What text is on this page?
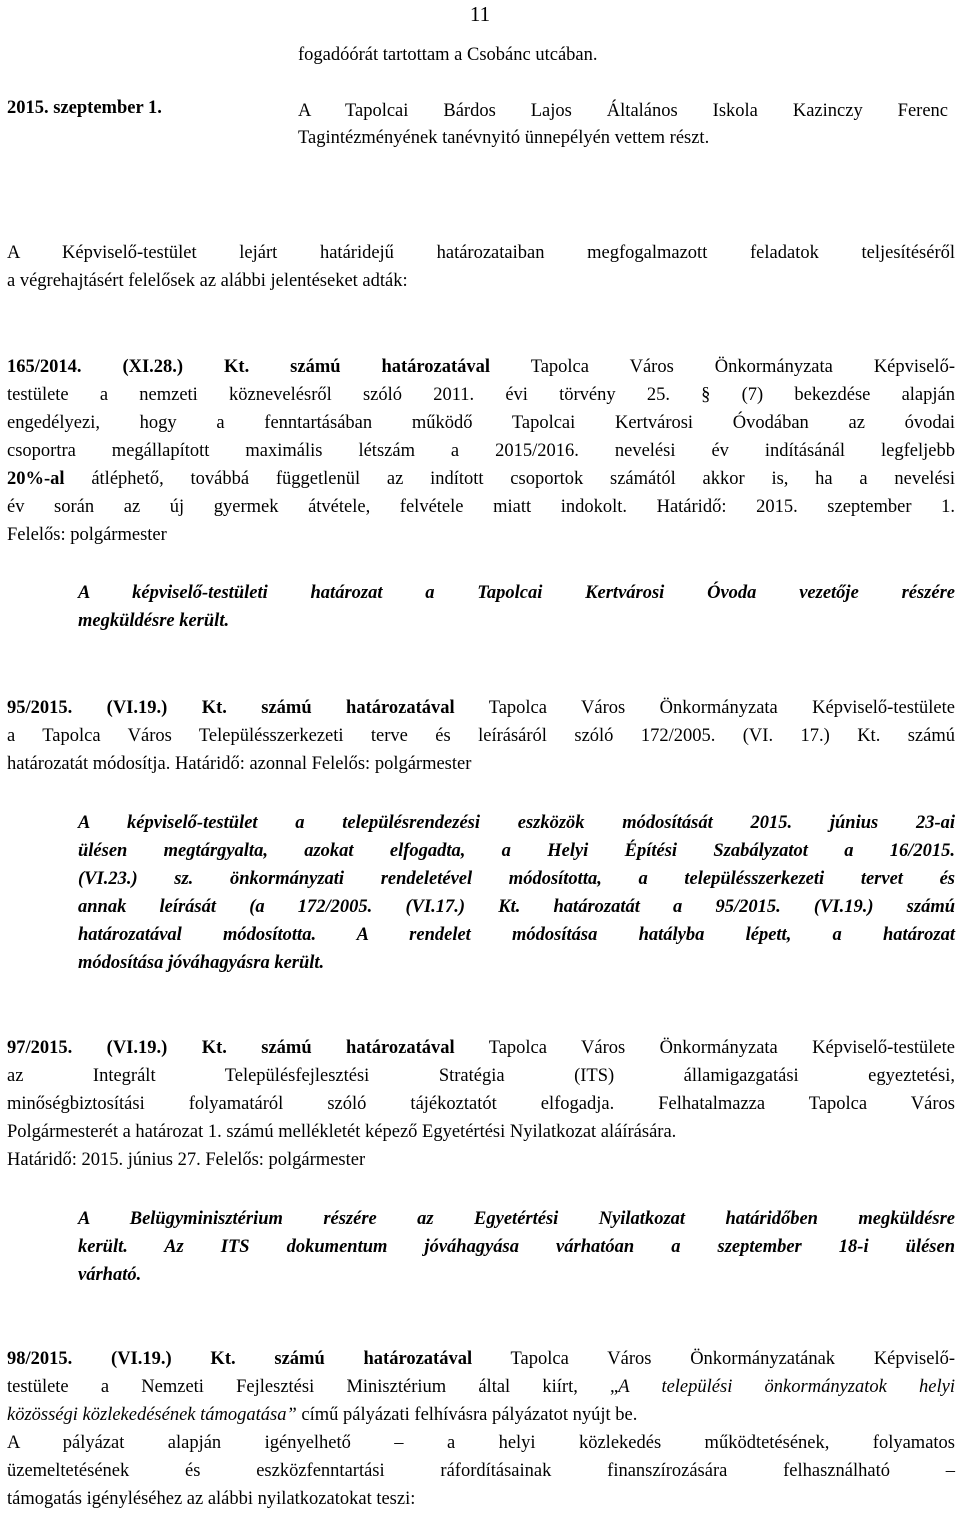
11
fogadóórát tartottam a Csobánc utcában.
2015. szeptember 1.	A Tapolcai Bárdos Lajos Általános Iskola Kazinczy Ferenc
Tagintézményének tanévnyitó ünnepélyén vettem részt.
A Képviselő-testület lejárt határidejű határozataiban megfogalmazott feladatok teljesítéséről
a végrehajtásért felelősek az alábbi jelentéseket adták:
165/2014. (XI.28.) Kt. számú határozatával Tapolca Város Önkormányzata Képviselő-
testülete a nemzeti köznevelésről szóló 2011. évi törvény 25. § (7) bekezdése alapján
engedélyezi, hogy a fenntartásában működő Tapolcai Kertvárosi Óvodában az óvodai
csoportra megállapított maximális létszám a 2015/2016. nevelési év indításánál legfeljebb
20%-al átléphető, továbbá függetlenül az indított csoportok számától akkor is, ha a nevelési
év során az új gyermek átvétele, felvétele miatt indokolt. Határidő: 2015. szeptember 1.
Felelős: polgármester
A képviselő-testületi határozat a Tapolcai Kertvárosi Óvoda vezetője részére
megküldésre került.
95/2015. (VI.19.) Kt. számú határozatával Tapolca Város Önkormányzata Képviselő-testülete
a Tapolca Város Településszerkezeti terve és leírásáról szóló 172/2005. (VI. 17.) Kt. számú
határozatát módosítja. Határidő: azonnal Felelős: polgármester
A képviselő-testület a településrendezési eszközök módosítását 2015. június 23-ai
ülésen megtárgyalta, azokat elfogadta, a Helyi Építési Szabályzatot a 16/2015.
(VI.23.) sz. önkormányzati rendeletével módosította, a településszerkezeti tervet és
annak leírását (a 172/2005. (VI.17.) Kt. határozatát a 95/2015. (VI.19.) számú
határozatával módosította. A rendelet módosítása hatályba lépett, a határozat
módosítása jóváhagyásra került.
97/2015. (VI.19.) Kt. számú határozatával Tapolca Város Önkormányzata Képviselő-testülete
az Integrált Településfejlesztési Stratégia (ITS) államigazgatási egyeztetési,
minőségbiztosítási folyamatáról szóló tájékoztatót elfogadja. Felhatalmazza Tapolca Város
Polgármesterét a határozat 1. számú mellékletét képező Egyetértési Nyilatkozat aláírására.
Határidő: 2015. június 27. Felelős: polgármester
A Belügyminisztérium részére az Egyetértési Nyilatkozat határidőben megküldésre
került. Az ITS dokumentum jóváhagyása várhatóan a szeptember 18-i ülésen
várható.
98/2015. (VI.19.) Kt. számú határozatával Tapolca Város Önkormányzatának Képviselő-
testülete a Nemzeti Fejlesztési Minisztérium által kiírt, „A települési önkormányzatok helyi
közösségi közlekedésének támogatása” című pályázati felhívásra pályázatot nyújt be.
A pályázat alapján igényelhető – a helyi közlekedés működtetésének, folyamatos
üzemeltetésének és eszközfenntartási ráfordításainak finanszírozására felhasználható –
támogatás igényléséhez az alábbi nyilatkozatokat teszi:
